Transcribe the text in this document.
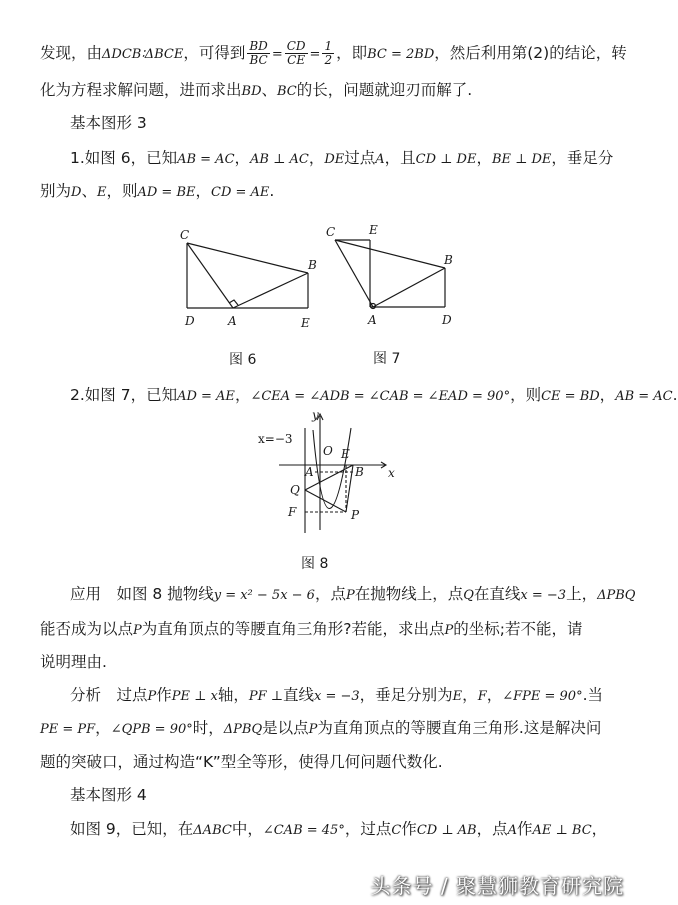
发现，由ΔDCB∶ΔBCE，可得到 $\frac{BD}{BC} = \frac{CD}{CE} = \frac{1}{2}$ ，即BC = 2BD，然后利用第(2)的结论，转
化为方程求解问题，进而求出BD、BC的长，问题就迎刃而解了.
基本图形 3
1.如图 6，已知AB = AC，AB ⊥ AC，DE过点A，且CD ⊥ DE，BE ⊥ DE，垂足分
别为D、E，则AD = BE，CD = AE.
C
B
D	A	E
图 6
C	E
B
A	D
图 7
2.如图 7，已知AD = AE，∠CEA = ∠ADB = ∠CAB = ∠EAD = 90°，则CE = BD，AB = AC.
x=−3
y
O E
A	B x
Q
F	P
图 8
应用　如图 8 抛物线y = x² − 5x − 6，点P在抛物线上，点Q在直线x = −3上，ΔPBQ
能否成为以点P为直角顶点的等腰直角三角形?若能，求出点P的坐标;若不能，请
说明理由.
分析　过点P作PE ⊥ x轴，PF ⊥直线x = −3，垂足分别为E，F，∠FPE = 90°.当
PE = PF，∠QPB = 90°时，ΔPBQ是以点P为直角顶点的等腰直角三角形.这是解决问
题的突破口，通过构造“K”型全等形，使得几何问题代数化.
基本图形 4
如图 9，已知，在ΔABC中，∠CAB = 45°，过点C作CD ⊥ AB，点A作AE ⊥ BC，
头条号 / 聚慧狮教育研究院
